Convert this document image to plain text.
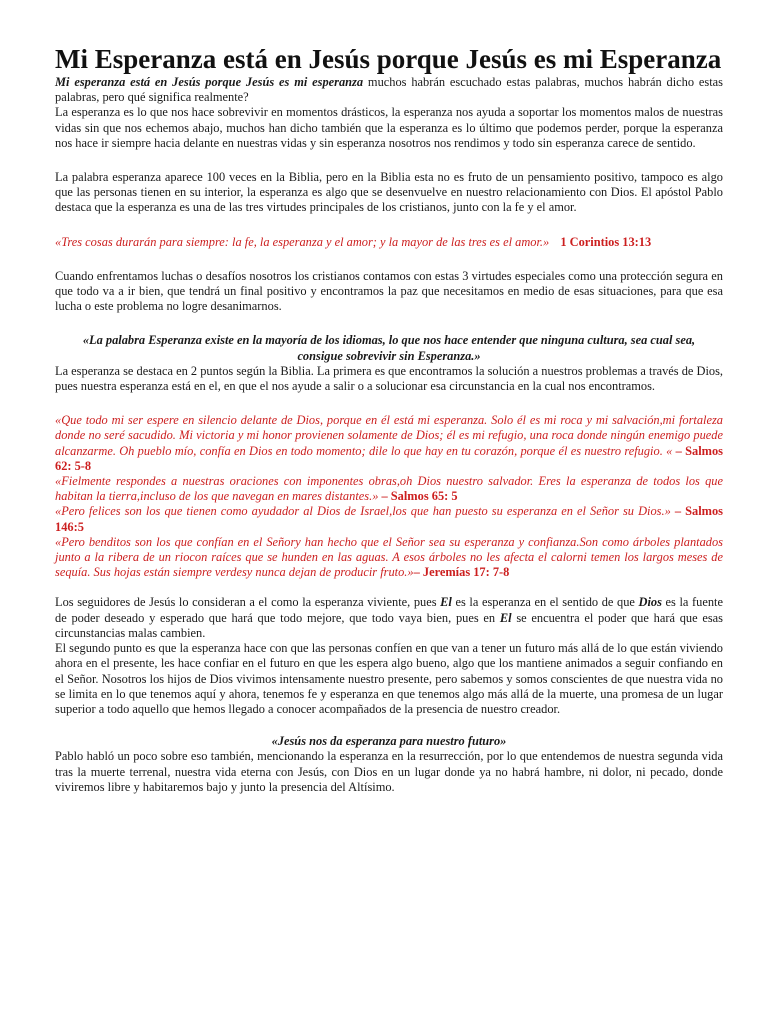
Mi Esperanza está en Jesús porque Jesús es mi Esperanza

Mi esperanza está en Jesús porque Jesús es mi esperanza muchos habrán escuchado estas palabras, muchos habrán dicho estas palabras, pero qué significa realmente?

La esperanza es lo que nos hace sobrevivir en momentos drásticos, la esperanza nos ayuda a soportar los momentos malos de nuestras vidas sin que nos echemos abajo, muchos han dicho también que la esperanza es lo último que podemos perder, porque la esperanza nos hace ir siempre hacia delante en nuestras vidas y sin esperanza nosotros nos rendimos y todo sin esperanza carece de sentido.

La palabra esperanza aparece 100 veces en la Biblia, pero en la Biblia esta no es fruto de un pensamiento positivo, tampoco es algo que las personas tienen en su interior, la esperanza es algo que se desenvuelve en nuestro relacionamiento con Dios. El apóstol Pablo destaca que la esperanza es una de las tres virtudes principales de los cristianos, junto con la fe y el amor.

«Tres cosas durarán para siempre: la fe, la esperanza y el amor; y la mayor de las tres es el amor.» 1 Corintios 13:13

Cuando enfrentamos luchas o desafíos nosotros los cristianos contamos con estas 3 virtudes especiales como una protección segura en que todo va a ir bien, que tendrá un final positivo y encontramos la paz que necesitamos en medio de esas situaciones, para que esa lucha o este problema no logre desanimarnos.

«La palabra Esperanza existe en la mayoría de los idiomas, lo que nos hace entender que ninguna cultura, sea cual sea, consigue sobrevivir sin Esperanza.»

La esperanza se destaca en 2 puntos según la Biblia. La primera es que encontramos la solución a nuestros problemas a través de Dios, pues nuestra esperanza está en el, en que el nos ayude a salir o a solucionar esa circunstancia en la cual nos encontramos.

«Que todo mi ser espere en silencio delante de Dios, porque en él está mi esperanza. Solo él es mi roca y mi salvación,mi fortaleza donde no seré sacudido. Mi victoria y mi honor provienen solamente de Dios; él es mi refugio, una roca donde ningún enemigo puede alcanzarme. Oh pueblo mío, confía en Dios en todo momento; dile lo que hay en tu corazón, porque él es nuestro refugio. « – Salmos 62: 5-8

«Fielmente respondes a nuestras oraciones con imponentes obras,oh Dios nuestro salvador. Eres la esperanza de todos los que habitan la tierra,incluso de los que navegan en mares distantes.» – Salmos 65: 5

«Pero felices son los que tienen como ayudador al Dios de Israel,los que han puesto su esperanza en el Señor su Dios.» – Salmos 146:5

«Pero benditos son los que confían en el Señory han hecho que el Señor sea su esperanza y confianza.Son como árboles plantados junto a la ribera de un riocon raíces que se hunden en las aguas. A esos árboles no les afecta el calorni temen los largos meses de sequía. Sus hojas están siempre verdesy nunca dejan de producir fruto.»– Jeremías 17: 7-8

Los seguidores de Jesús lo consideran a el como la esperanza viviente, pues El es la esperanza en el sentido de que Dios es la fuente de poder deseado y esperado que hará que todo mejore, que todo vaya bien, pues en El se encuentra el poder que hará que esas circunstancias malas cambien.

El segundo punto es que la esperanza hace con que las personas confíen en que van a tener un futuro más allá de lo que están viviendo ahora en el presente, les hace confiar en el futuro en que les espera algo bueno, algo que los mantiene animados a seguir confiando en el Señor. Nosotros los hijos de Dios vivimos intensamente nuestro presente, pero sabemos y somos conscientes de que nuestra vida no se limita en lo que tenemos aquí y ahora, tenemos fe y esperanza en que tenemos algo más allá de la muerte, una promesa de un lugar superior a todo aquello que hemos llegado a conocer acompañados de la presencia de nuestro creador.

«Jesús nos da esperanza para nuestro futuro»

Pablo habló un poco sobre eso también, mencionando la esperanza en la resurrección, por lo que entendemos de nuestra segunda vida tras la muerte terrenal, nuestra vida eterna con Jesús, con Dios en un lugar donde ya no habrá hambre, ni dolor, ni pecado, donde viviremos libre y habitaremos bajo y junto la presencia del Altísimo.
